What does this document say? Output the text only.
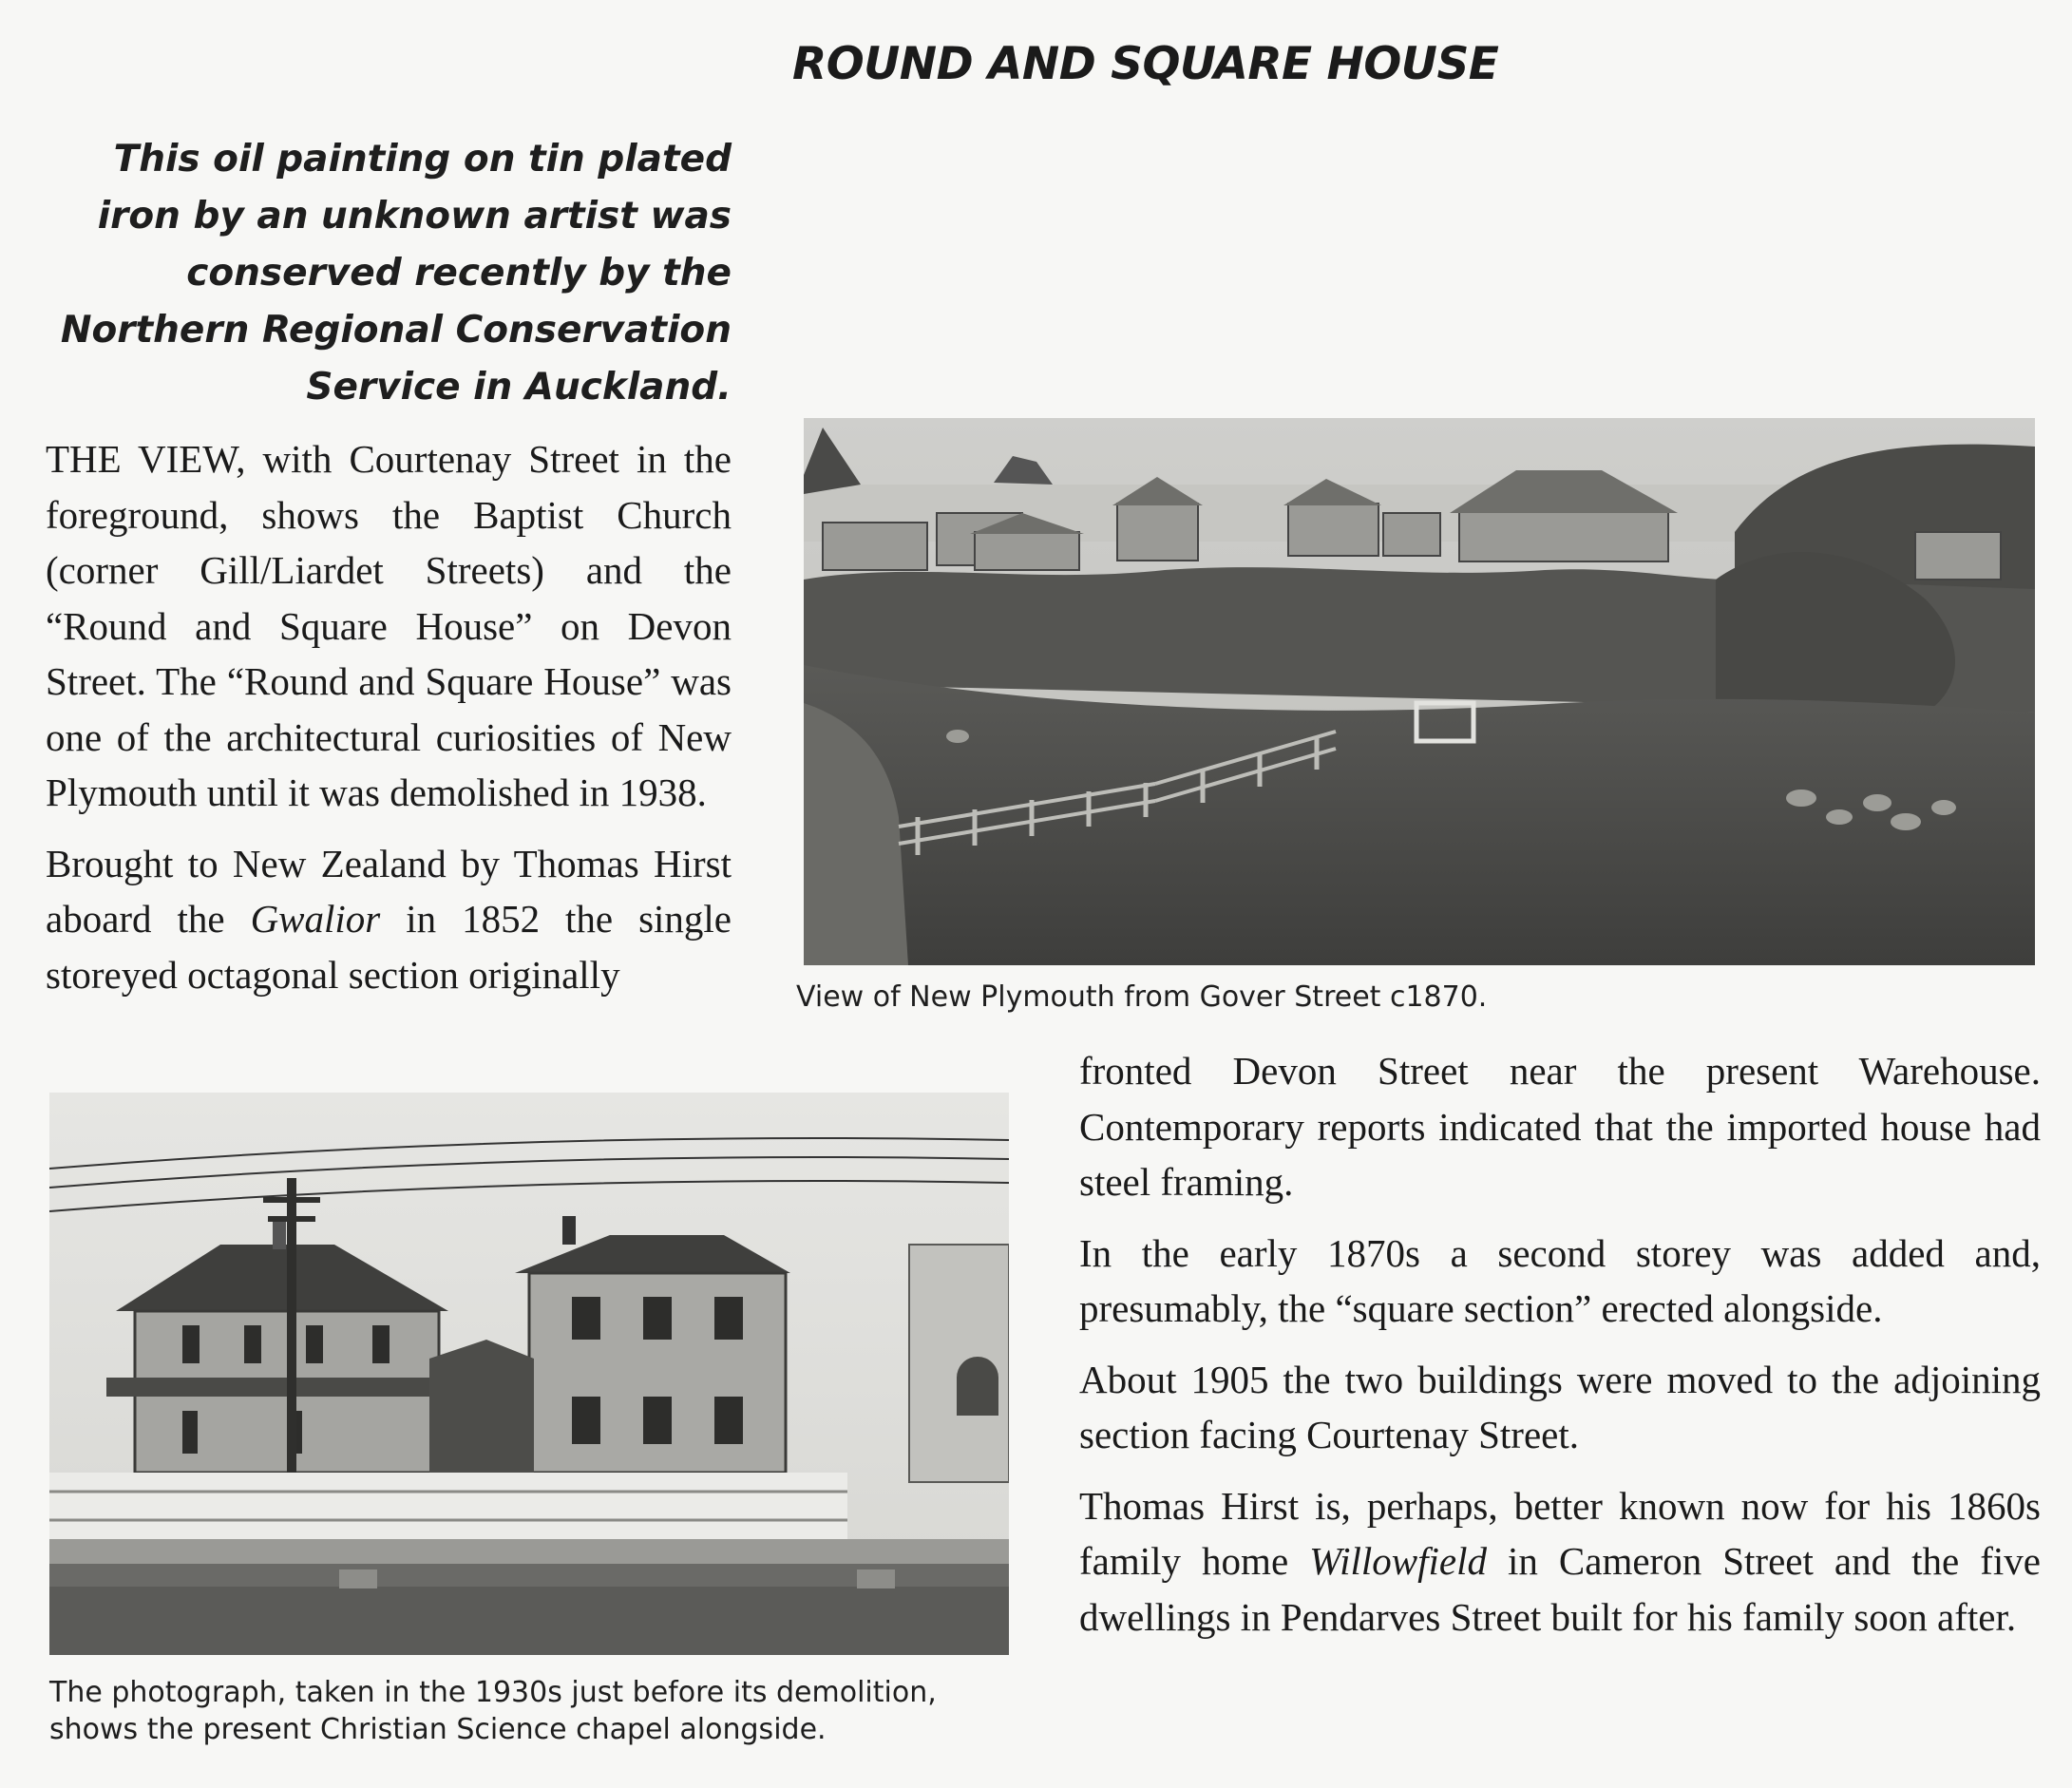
ROUND AND SQUARE HOUSE
This oil painting on tin plated iron by an unknown artist was conserved recently by the Northern Regional Conservation Service in Auckland.

THE VIEW, with Courtenay Street in the foreground, shows the Baptist Church (corner Gill/Liardet Streets) and the “Round and Square House” on Devon Street. The “Round and Square House” was one of the architectural curiosities of New Plymouth until it was demolished in 1938.

Brought to New Zealand by Thomas Hirst aboard the Gwalior in 1852 the single storeyed octagonal section originally

View of New Plymouth from Gover Street c1870.
The photograph, taken in the 1930s just before its demolition,
shows the present Christian Science chapel alongside.

fronted Devon Street near the present Warehouse. Contemporary reports indicated that the imported house had steel framing.

In the early 1870s a second storey was added and, presumably, the “square section” erected alongside.

About 1905 the two buildings were moved to the adjoining section facing Courtenay Street.

Thomas Hirst is, perhaps, better known now for his 1860s family home Willowfield in Cameron Street and the five dwellings in Pendarves Street built for his family soon after.
